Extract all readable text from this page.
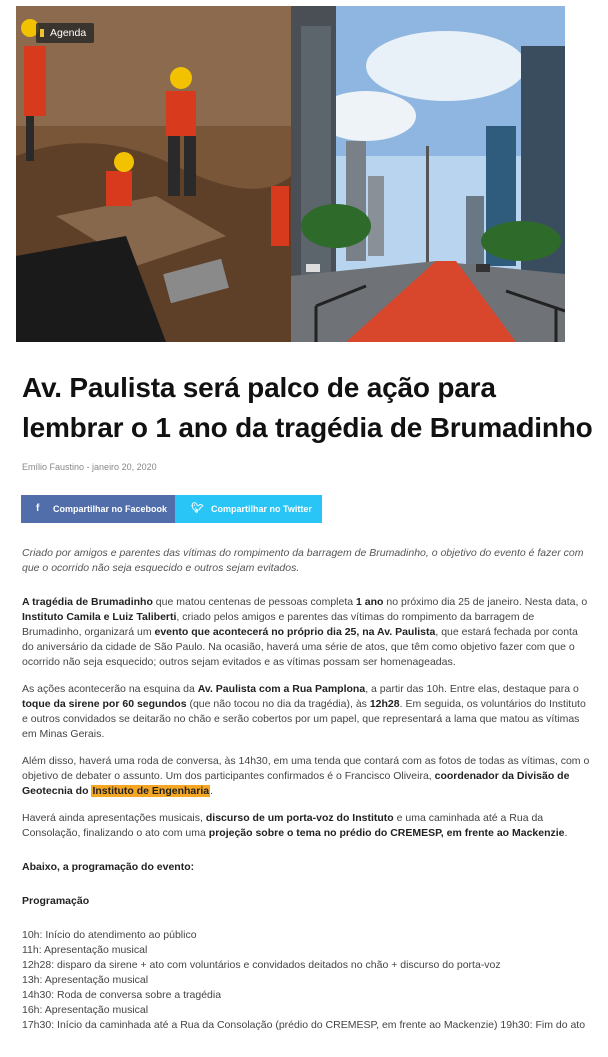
Agenda
Av. Paulista será palco de ação para lembrar o 1 ano da tragédia de Brumadinho
Emílio Faustino - janeiro 20, 2020
f Compartilhar no Facebook	🐦︎ Compartilhar no Twitter

Criado por amigos e parentes das vítimas do rompimento da barragem de Brumadinho, o objetivo do evento é fazer com que o ocorrido não seja esquecido e outros sejam evitados.

A tragédia de Brumadinho que matou centenas de pessoas completa 1 ano no próximo dia 25 de janeiro. Nesta data, o Instituto Camila e Luiz Taliberti, criado pelos amigos e parentes das vítimas do rompimento da barragem de Brumadinho, organizará um evento que acontecerá no próprio dia 25, na Av. Paulista, que estará fechada por conta do aniversário da cidade de São Paulo. Na ocasião, haverá uma série de atos, que têm como objetivo fazer com que o ocorrido não seja esquecido; outros sejam evitados e as vítimas possam ser homenageadas.

As ações acontecerão na esquina da Av. Paulista com a Rua Pamplona, a partir das 10h. Entre elas, destaque para o toque da sirene por 60 segundos (que não tocou no dia da tragédia), às 12h28. Em seguida, os voluntários do Instituto e outros convidados se deitarão no chão e serão cobertos por um papel, que representará a lama que matou as vítimas em Minas Gerais.

Além disso, haverá uma roda de conversa, às 14h30, em uma tenda que contará com as fotos de todas as vítimas, com o objetivo de debater o assunto. Um dos participantes confirmados é o Francisco Oliveira, coordenador da Divisão de Geotecnia do Instituto de Engenharia.

Haverá ainda apresentações musicais, discurso de um porta-voz do Instituto e uma caminhada até a Rua da Consolação, finalizando o ato com uma projeção sobre o tema no prédio do CREMESP, em frente ao Mackenzie.

Abaixo, a programação do evento:

Programação

10h: Início do atendimento ao público
11h: Apresentação musical
12h28: disparo da sirene + ato com voluntários e convidados deitados no chão + discurso do porta-voz
13h: Apresentação musical
14h30: Roda de conversa sobre a tragédia
16h: Apresentação musical
17h30: Início da caminhada até a Rua da Consolação (prédio do CREMESP, em frente ao Mackenzie) 19h30: Fim do ato
